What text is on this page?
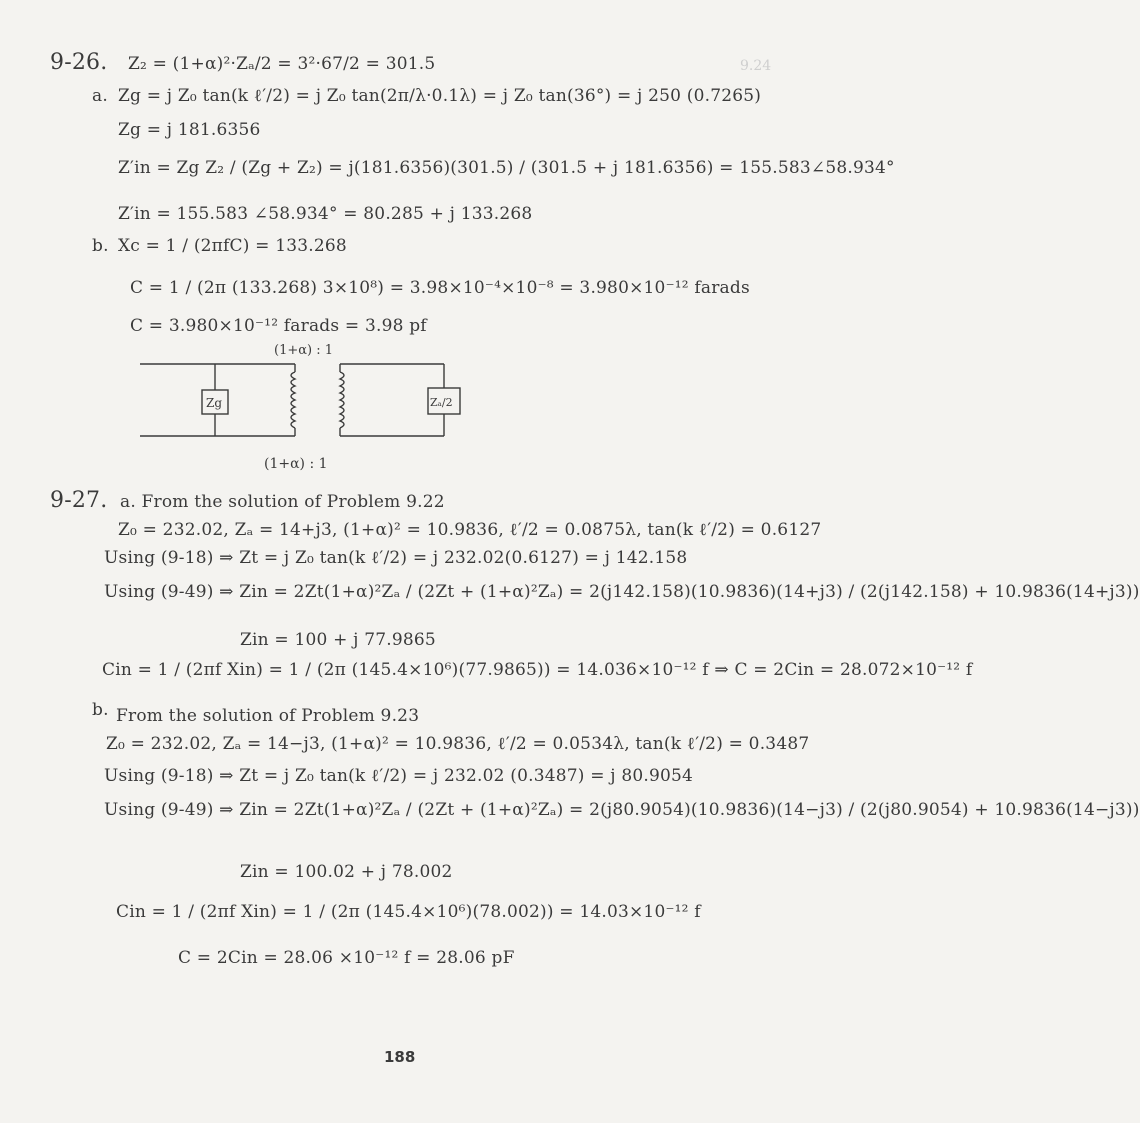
9.24
9-26. Z₂ = (1+α)²·Zₐ/2 = 3²·67/2 = 301.5
a. Zg = j Z₀ tan(k ℓ′/2) = j Z₀ tan(2π/λ·0.1λ) = j Z₀ tan(36°) = j 250 (0.7265)
Zg = j 181.6356
Z′in = Zg Z₂ / (Zg + Z₂) = j(181.6356)(301.5) / (301.5 + j 181.6356) = 155.583∠58.934°
Z′in = 155.583 ∠58.934° = 80.285 + j 133.268
b. Xc = 1 / (2πfC) = 133.268
C = 1 / (2π (133.268) 3×10⁸) = 3.98×10⁻⁴×10⁻⁸ = 3.980×10⁻¹² farads
C = 3.980×10⁻¹² farads = 3.98 pf
(1+α) : 1
Zg	Zₐ/2
(1+α) : 1
9-27. a. From the solution of Problem 9.22
Z₀ = 232.02, Zₐ = 14+j3, (1+α)² = 10.9836, ℓ′/2 = 0.0875λ, tan(k ℓ′/2) = 0.6127
Using (9-18) ⇒ Zt = j Z₀ tan(k ℓ′/2) = j 232.02(0.6127) = j 142.158
Using (9-49) ⇒ Zin = 2Zt(1+α)²Zₐ / (2Zt + (1+α)²Zₐ) = 2(j142.158)(10.9836)(14+j3) / (2(j142.158) + 10.9836(14+j3))
Zin = 100 + j 77.9865
Cin = 1 / (2πf Xin) = 1 / (2π (145.4×10⁶)(77.9865)) = 14.036×10⁻¹² f ⇒ C = 2Cin = 28.072×10⁻¹² f
b. From the solution of Problem 9.23
Z₀ = 232.02, Zₐ = 14−j3, (1+α)² = 10.9836, ℓ′/2 = 0.0534λ, tan(k ℓ′/2) = 0.3487
Using (9-18) ⇒ Zt = j Z₀ tan(k ℓ′/2) = j 232.02 (0.3487) = j 80.9054
Using (9-49) ⇒ Zin = 2Zt(1+α)²Zₐ / (2Zt + (1+α)²Zₐ) = 2(j80.9054)(10.9836)(14−j3) / (2(j80.9054) + 10.9836(14−j3))
Zin = 100.02 + j 78.002
Cin = 1 / (2πf Xin) = 1 / (2π (145.4×10⁶)(78.002)) = 14.03×10⁻¹² f
C = 2Cin = 28.06 ×10⁻¹² f = 28.06 pF
188
